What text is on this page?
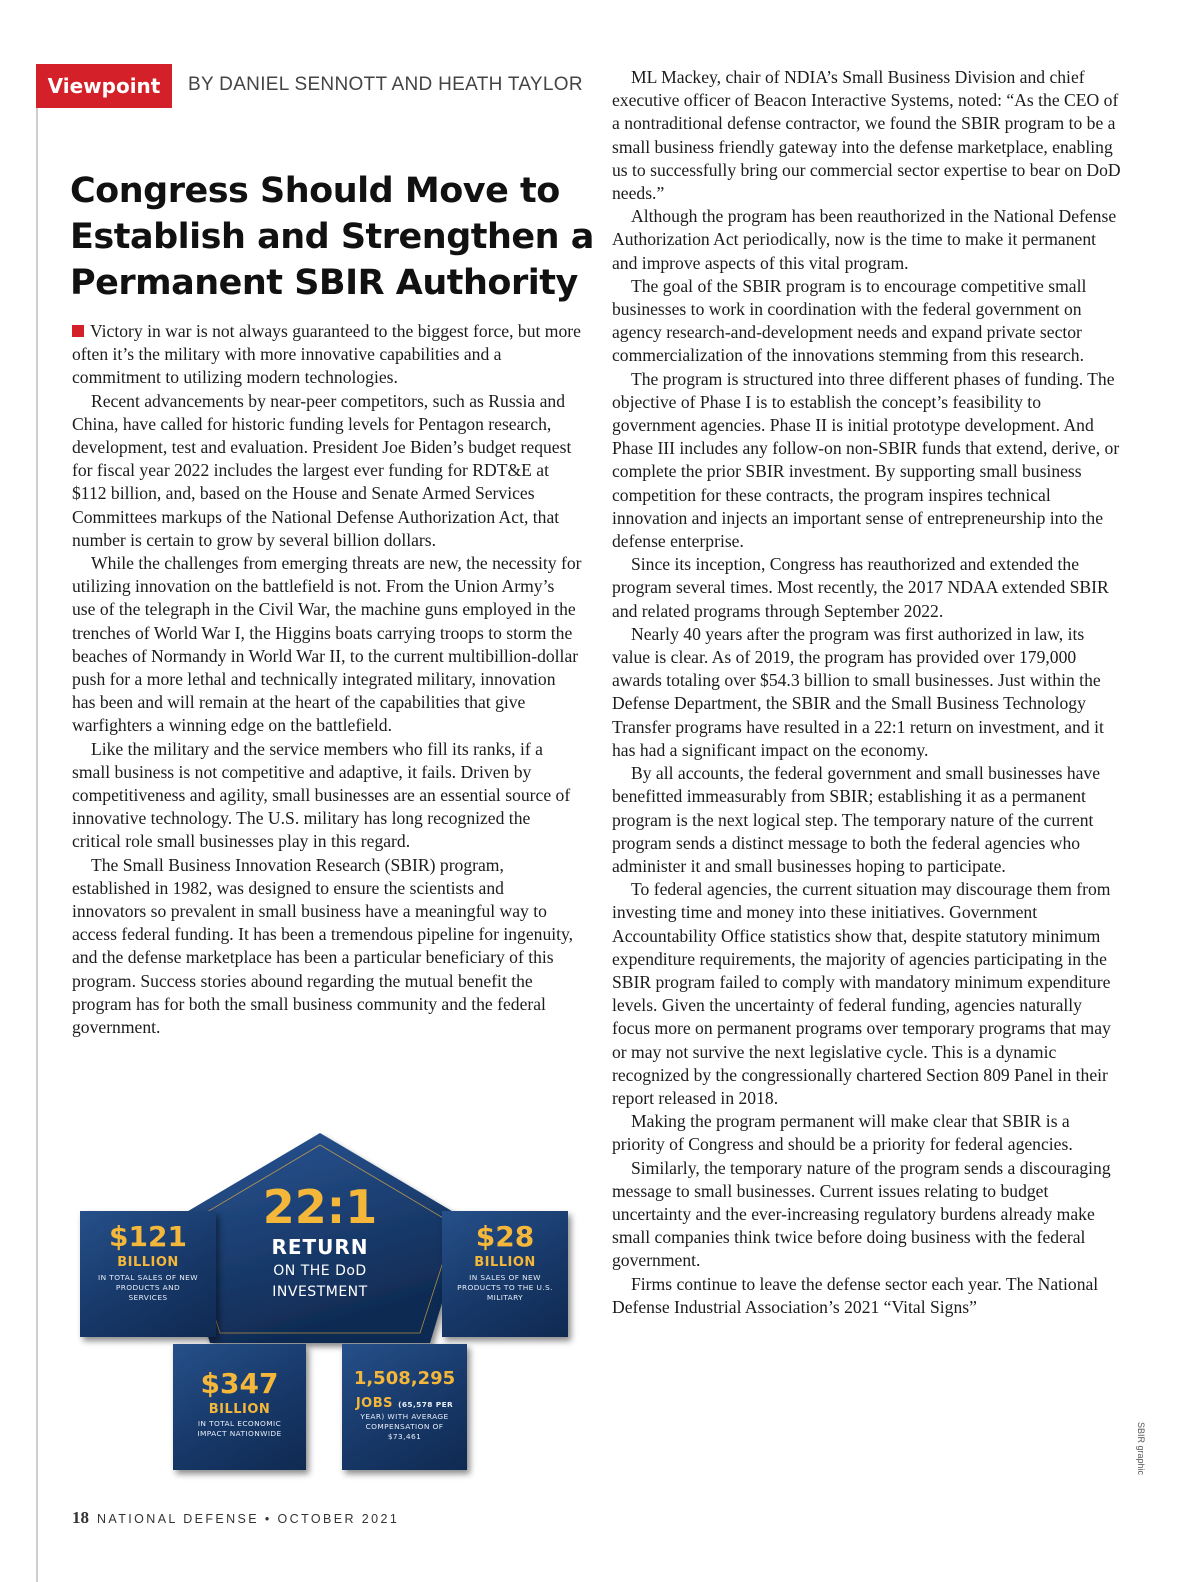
Viewpoint	BY DANIEL SENNOTT AND HEATH TAYLOR
Congress Should Move to Establish and Strengthen a Permanent SBIR Authority

Victory in war is not always guaranteed to the biggest force, but more often it’s the military with more innovative capabilities and a commitment to utilizing modern technologies.

Recent advancements by near-peer competitors, such as Russia and China, have called for historic funding levels for Pentagon research, development, test and evaluation. President Joe Biden’s budget request for fiscal year 2022 includes the largest ever funding for RDT&E at $112 billion, and, based on the House and Senate Armed Services Committees markups of the National Defense Authorization Act, that number is certain to grow by several billion dollars.

While the challenges from emerging threats are new, the necessity for utilizing innovation on the battlefield is not. From the Union Army’s use of the telegraph in the Civil War, the machine guns employed in the trenches of World War I, the Higgins boats carrying troops to storm the beaches of Normandy in World War II, to the current multibillion-dollar push for a more lethal and technically integrated military, innovation has been and will remain at the heart of the capabilities that give warfighters a winning edge on the battlefield.

Like the military and the service members who fill its ranks, if a small business is not competitive and adaptive, it fails. Driven by competitiveness and agility, small businesses are an essential source of innovative technology. The U.S. military has long recognized the critical role small businesses play in this regard.

The Small Business Innovation Research (SBIR) program, established in 1982, was designed to ensure the scientists and innovators so prevalent in small business have a meaningful way to access federal funding. It has been a tremendous pipeline for ingenuity, and the defense marketplace has been a particular beneficiary of this program. Success stories abound regarding the mutual benefit the program has for both the small business community and the federal government.

22:1
RETURN
ON THE DoD
INVESTMENT
$121
BILLION
IN TOTAL SALES OF NEW PRODUCTS AND SERVICES
$28
BILLION
IN SALES OF NEW PRODUCTS TO THE U.S. MILITARY
$347
BILLION
IN TOTAL ECONOMIC IMPACT NATIONWIDE
1,508,295
JOBS (65,578 PER
YEAR) WITH AVERAGE COMPENSATION OF $73,461

ML Mackey, chair of NDIA’s Small Business Division and chief executive officer of Beacon Interactive Systems, noted: “As the CEO of a nontraditional defense contractor, we found the SBIR program to be a small business friendly gateway into the defense marketplace, enabling us to successfully bring our commercial sector expertise to bear on DoD needs.”

Although the program has been reauthorized in the National Defense Authorization Act periodically, now is the time to make it permanent and improve aspects of this vital program.

The goal of the SBIR program is to encourage competitive small businesses to work in coordination with the federal government on agency research-and-development needs and expand private sector commercialization of the innovations stemming from this research.

The program is structured into three different phases of funding. The objective of Phase I is to establish the concept’s feasibility to government agencies. Phase II is initial prototype development. And Phase III includes any follow-on non-SBIR funds that extend, derive, or complete the prior SBIR investment. By supporting small business competition for these contracts, the program inspires technical innovation and injects an important sense of entrepreneurship into the defense enterprise.

Since its inception, Congress has reauthorized and extended the program several times. Most recently, the 2017 NDAA extended SBIR and related programs through September 2022.

Nearly 40 years after the program was first authorized in law, its value is clear. As of 2019, the program has provided over 179,000 awards totaling over $54.3 billion to small businesses. Just within the Defense Department, the SBIR and the Small Business Technology Transfer programs have resulted in a 22:1 return on investment, and it has had a significant impact on the economy.

By all accounts, the federal government and small businesses have benefitted immeasurably from SBIR; establishing it as a permanent program is the next logical step. The temporary nature of the current program sends a distinct message to both the federal agencies who administer it and small businesses hoping to participate.

To federal agencies, the current situation may discourage them from investing time and money into these initiatives. Government Accountability Office statistics show that, despite statutory minimum expenditure requirements, the majority of agencies participating in the SBIR program failed to comply with mandatory minimum expenditure levels. Given the uncertainty of federal funding, agencies naturally focus more on permanent programs over temporary programs that may or may not survive the next legislative cycle. This is a dynamic recognized by the congressionally chartered Section 809 Panel in their report released in 2018.

Making the program permanent will make clear that SBIR is a priority of Congress and should be a priority for federal agencies.

Similarly, the temporary nature of the program sends a discouraging message to small businesses. Current issues relating to budget uncertainty and the ever-increasing regulatory burdens already make small companies think twice before doing business with the federal government.

Firms continue to leave the defense sector each year. The National Defense Industrial Association’s 2021 “Vital Signs”

SBIR graphic
18 NATIONAL DEFENSE • OCTOBER 2021
